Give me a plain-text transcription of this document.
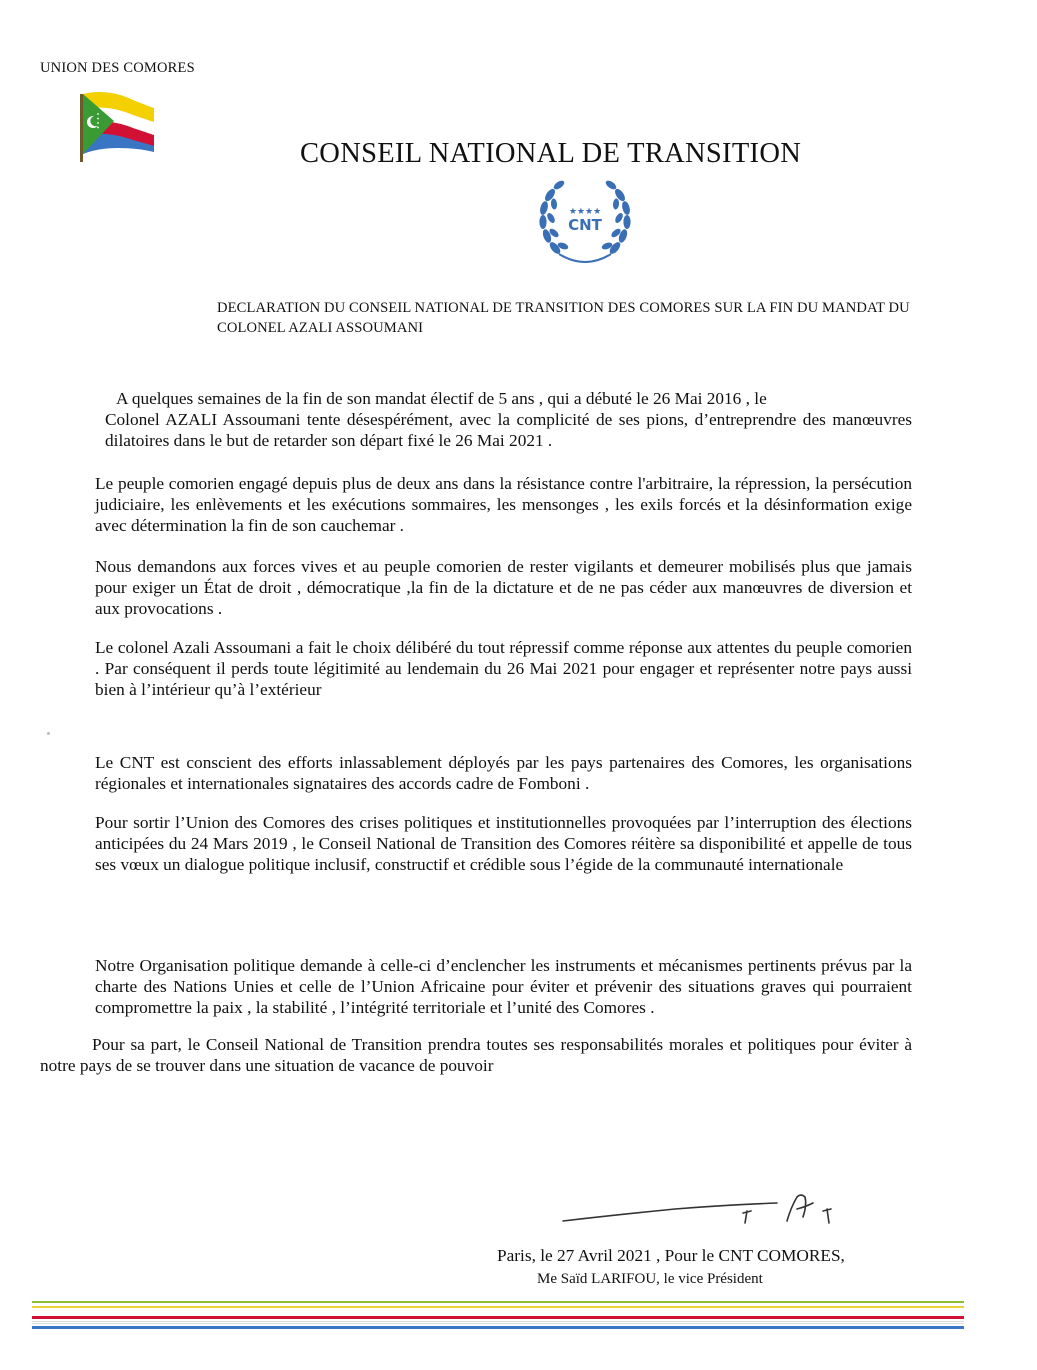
UNION DES COMORES
CONSEIL NATIONAL DE TRANSITION
★★★★
CNT
DECLARATION DU CONSEIL NATIONAL DE TRANSITION DES COMORES SUR LA FIN DU MANDAT DU COLONEL AZALI ASSOUMANI
A quelques semaines de la fin de son mandat électif de 5 ans , qui a débuté le 26 Mai 2016 , le
Colonel AZALI Assoumani tente désespérément, avec la complicité de ses pions, d’entreprendre des manœuvres dilatoires dans le but de retarder son départ fixé le 26 Mai 2021 .
Le peuple comorien engagé depuis plus de deux ans dans la résistance contre l'arbitraire, la répression, la persécution judiciaire, les enlèvements et les exécutions sommaires, les mensonges , les exils forcés et la désinformation exige avec détermination la fin de son cauchemar .
Nous demandons aux forces vives et au peuple comorien de rester vigilants et demeurer mobilisés plus que jamais pour exiger un État de droit , démocratique ,la fin de la dictature et de ne pas céder aux manœuvres de diversion et aux provocations .
Le colonel Azali Assoumani a fait le choix délibéré du tout répressif comme réponse aux attentes du peuple comorien . Par conséquent il perds toute légitimité au lendemain du 26 Mai 2021 pour engager et représenter notre pays aussi bien à l’intérieur qu’à l’extérieur
Le CNT est conscient des efforts inlassablement déployés par les pays partenaires des Comores, les organisations régionales et internationales signataires des accords cadre de Fomboni .
Pour sortir l’Union des Comores des crises politiques et institutionnelles provoquées par l’interruption des élections anticipées du 24 Mars 2019 , le Conseil National de Transition des Comores réitère sa disponibilité et appelle de tous ses vœux un dialogue politique inclusif, constructif et crédible sous l’égide de la communauté internationale
Notre Organisation politique demande à celle-ci d’enclencher les instruments et mécanismes pertinents prévus par la charte des Nations Unies et celle de l’Union Africaine pour éviter et prévenir des situations graves qui pourraient compromettre la paix , la stabilité , l’intégrité territoriale et l’unité des Comores .
Pour sa part, le Conseil National de Transition prendra toutes ses responsabilités morales et politiques pour éviter à notre pays de se trouver dans une situation de vacance de pouvoir
Paris, le 27 Avril 2021 , Pour le CNT COMORES,
Me Saïd LARIFOU, le vice Président
